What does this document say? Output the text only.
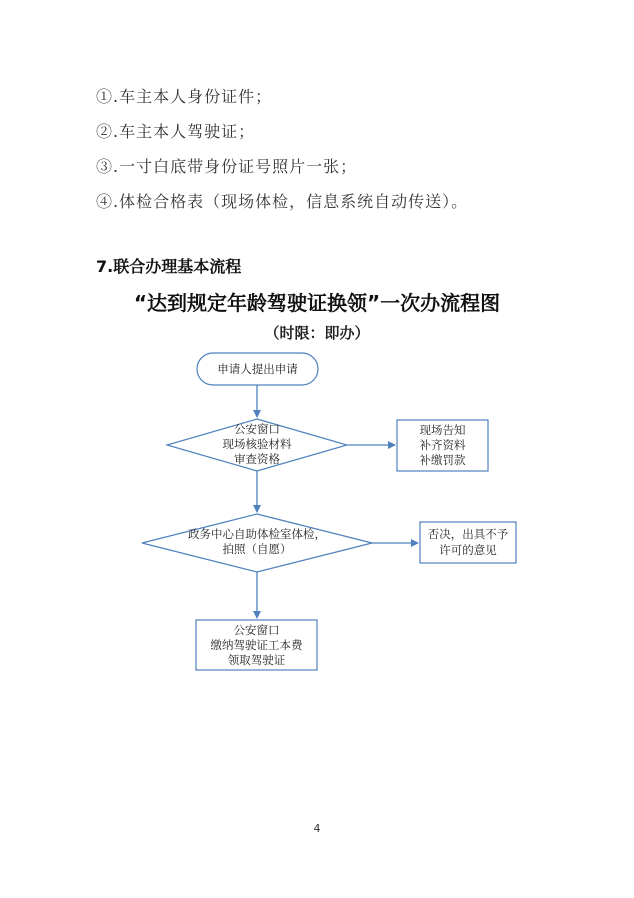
①.车主本人身份证件；
②.车主本人驾驶证；
③.一寸白底带身份证号照片一张；
④.体检合格表（现场体检，信息系统自动传送）。
7.联合办理基本流程
“达到规定年龄驾驶证换领”一次办流程图
（时限：即办）
申请人提出申请
公安窗口
现场核验材料
审查资格
现场告知
补齐资料
补缴罚款
政务中心自助体检室体检，
拍照（自愿）
否决，出具不予
许可的意见
公安窗口
缴纳驾驶证工本费
领取驾驶证
4
